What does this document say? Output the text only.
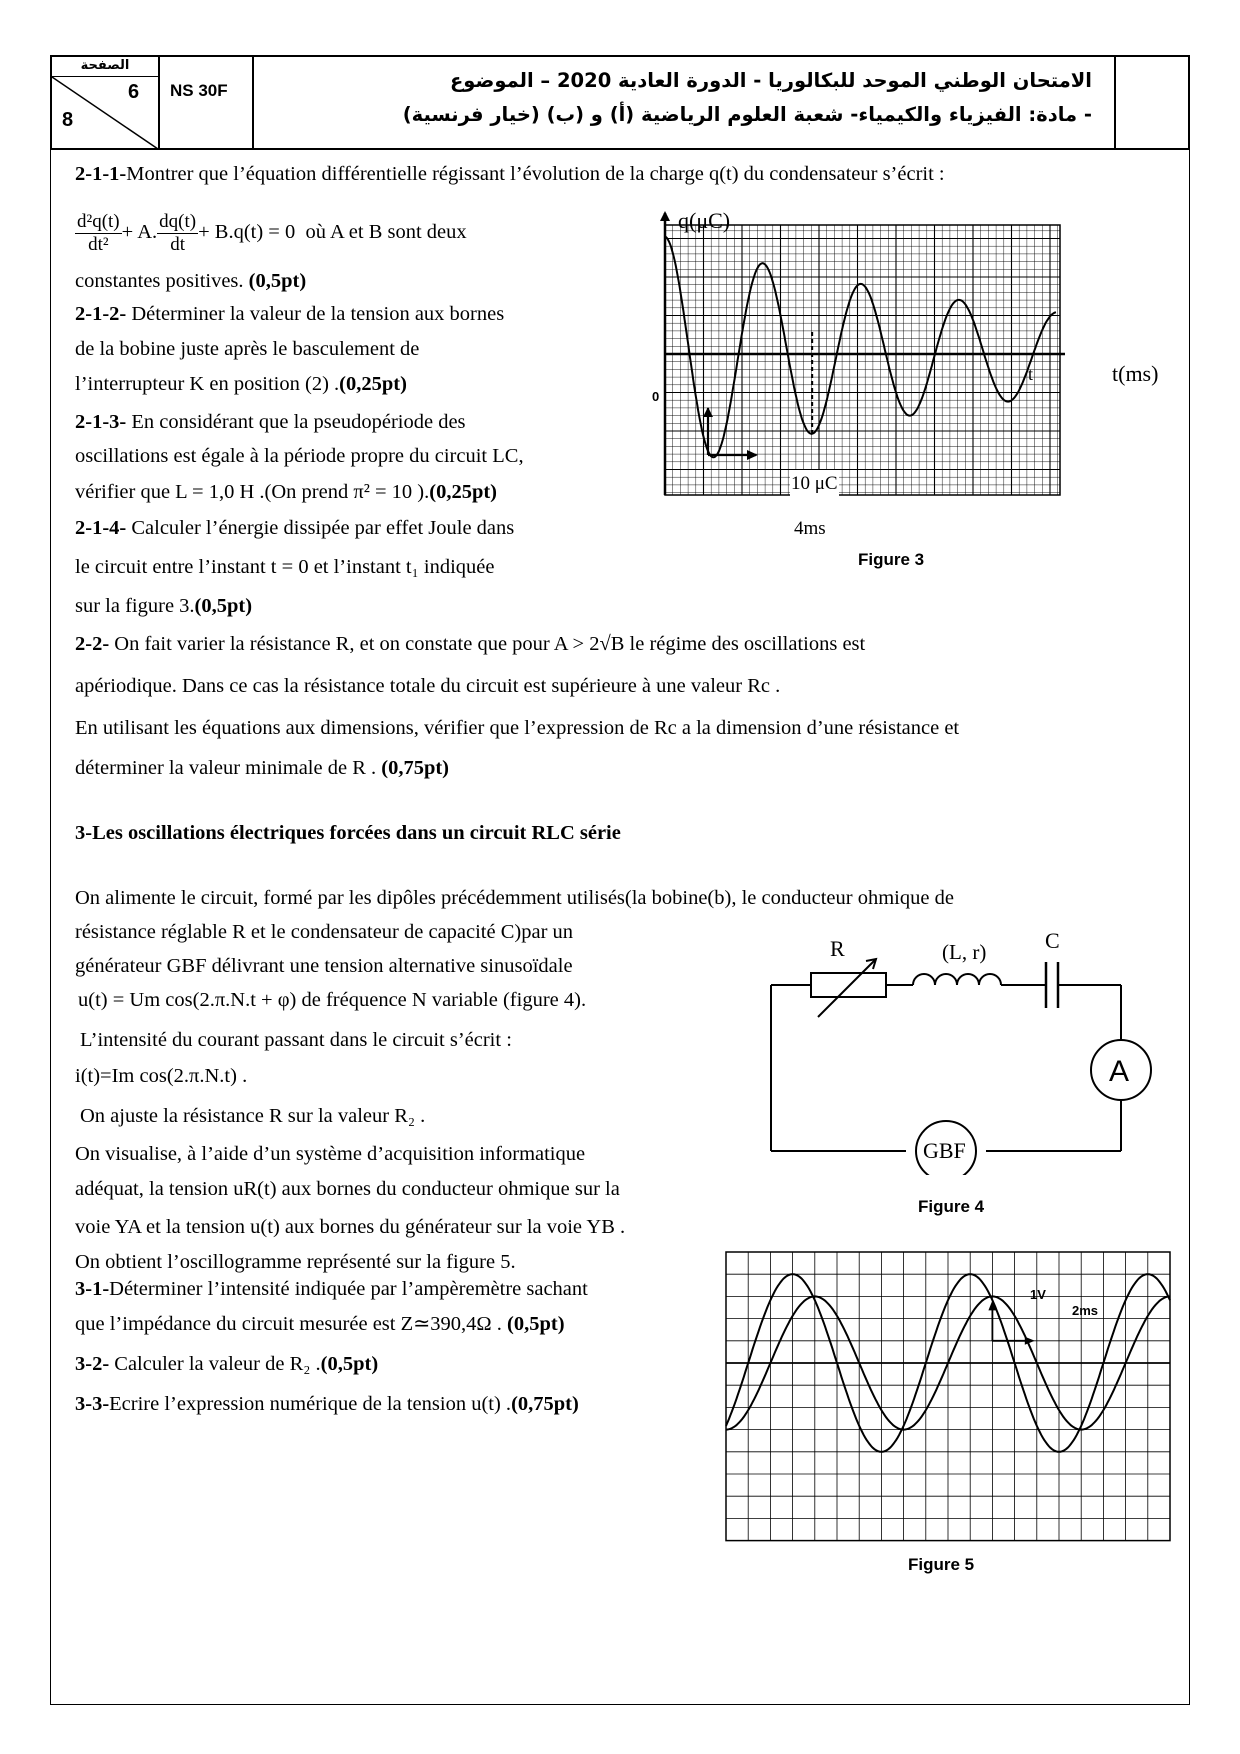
الصفحة
6
8
NS 30F	الامتحان الوطني الموحد للبكالوريا - الدورة العادية 2020 – الموضوع
- مادة: الفيزياء والكيمياء- شعبة العلوم الرياضية (أ) و (ب) (خيار فرنسية)
2-1-1-Montrer que l’équation différentielle régissant l’évolution de la charge q(t) du condensateur s’écrit :
$\frac{\text{d²q(t)}}{\text{dt²}} + A$. $\frac{dq(t)}{dt} + B.q(t) = 0$ où A et B sont deux
constantes positives. (0,5pt)
2-1-2- Déterminer la valeur de la tension aux bornes
de la bobine juste après le basculement de
l’interrupteur K en position (2) .(0,25pt)
2-1-3- En considérant que la pseudopériode des
oscillations est égale à la période propre du circuit LC,
vérifier que L = 1,0 H .(On prend π² = 10 ).(0,25pt)
2-1-4- Calculer l’énergie dissipée par effet Joule dans
le circuit entre l’instant t = 0 et l’instant t₁ indiquée
sur la figure 3.(0,5pt)
q(μC)
t(ms)
0
t
10 μC
4ms
Figure 3
2-2- On fait varier la résistance R, et on constate que pour A > 2√B le régime des oscillations est
apériodique. Dans ce cas la résistance totale du circuit est supérieure à une valeur Rc .
En utilisant les équations aux dimensions, vérifier que l’expression de Rc a la dimension d’une résistance et
déterminer la valeur minimale de R . (0,75pt)
3-Les oscillations électriques forcées dans un circuit RLC série
On alimente le circuit, formé par les dipôles précédemment utilisés(la bobine(b), le conducteur ohmique de
résistance réglable R et le condensateur de capacité C)par un
générateur GBF délivrant une tension alternative sinusoïdale
u(t) = Um cos(2.π.N.t + φ) de fréquence N variable (figure 4).
L’intensité du courant passant dans le circuit s’écrit :
i(t)=Im cos(2.π.N.t) .
On ajuste la résistance R sur la valeur R₂ .
On visualise, à l’aide d’un système d’acquisition informatique
adéquat, la tension uR(t) aux bornes du conducteur ohmique sur la
voie YA et la tension u(t) aux bornes du générateur sur la voie YB .
On obtient l’oscillogramme représenté sur la figure 5.
3-1-Déterminer l’intensité indiquée par l’ampèremètre sachant
que l’impédance du circuit mesurée est Z≃390,4Ω . (0,5pt)
3-2- Calculer la valeur de R₂ .(0,5pt)
3-3-Ecrire l’expression numérique de la tension u(t) .(0,75pt)
R	(L, r)	C
A
GBF
Figure 4
1V
2ms
Figure 5
